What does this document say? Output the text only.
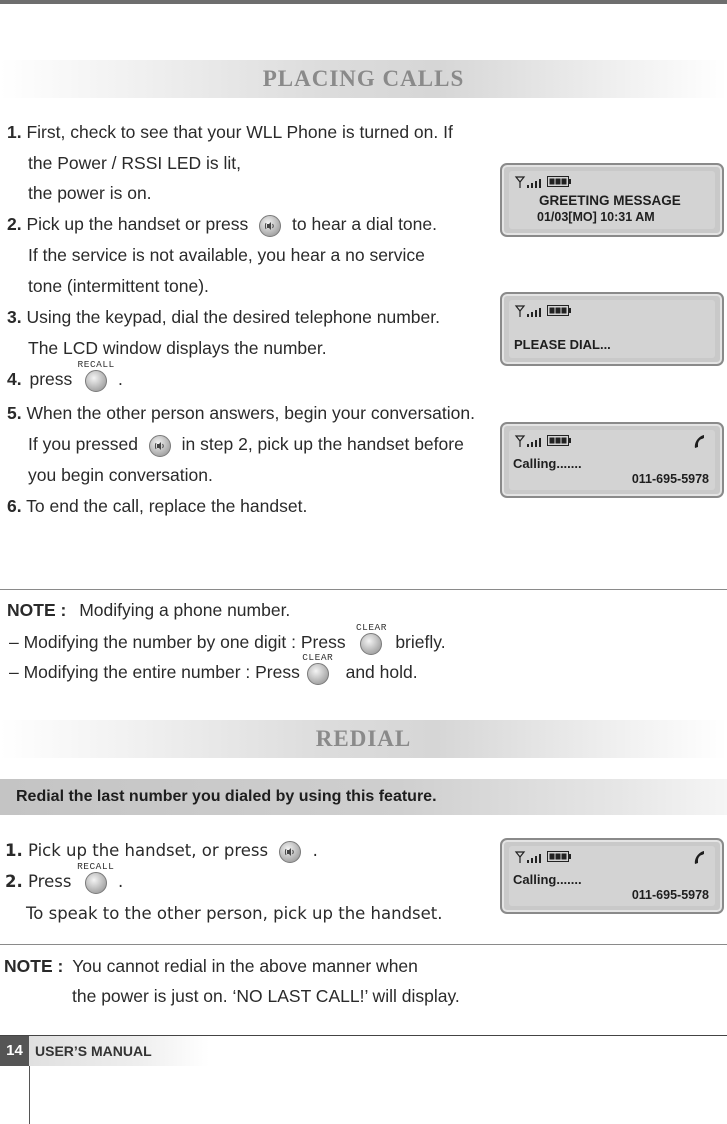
PLACING CALLS
1. First, check to see that your WLL Phone is turned on. If
the Power / RSSI LED is lit,
the power is on.
2. Pick up the handset or press	to hear a dial tone.
If the service is not available, you hear a no service
tone (intermittent tone).
3. Using the keypad, dial the desired telephone number.
The LCD window displays the number.
4. press
RECALL
.
5. When the other person answers, begin your conversation.
If you pressed	in step 2, pick up the handset before
you begin conversation.
6. To end the call, replace the handset.
GREETING MESSAGE
01/03[MO] 10:31 AM
PLEASE DIAL...
Calling.......
011-695-5978
NOTE : Modifying a phone number.
– Modifying the number by one digit : Press
CLEAR
briefly.
– Modifying the entire number : Press
CLEAR
and hold.
REDIAL
Redial the last number you dialed by using this feature.
1. Pick up the handset, or press	.
2. Press
RECALL
.
To speak to the other person, pick up the handset.
Calling.......
011-695-5978
NOTE : You cannot redial in the above manner when
the power is just on. ‘NO LAST CALL!’ will display.
14 USER’S MANUAL
